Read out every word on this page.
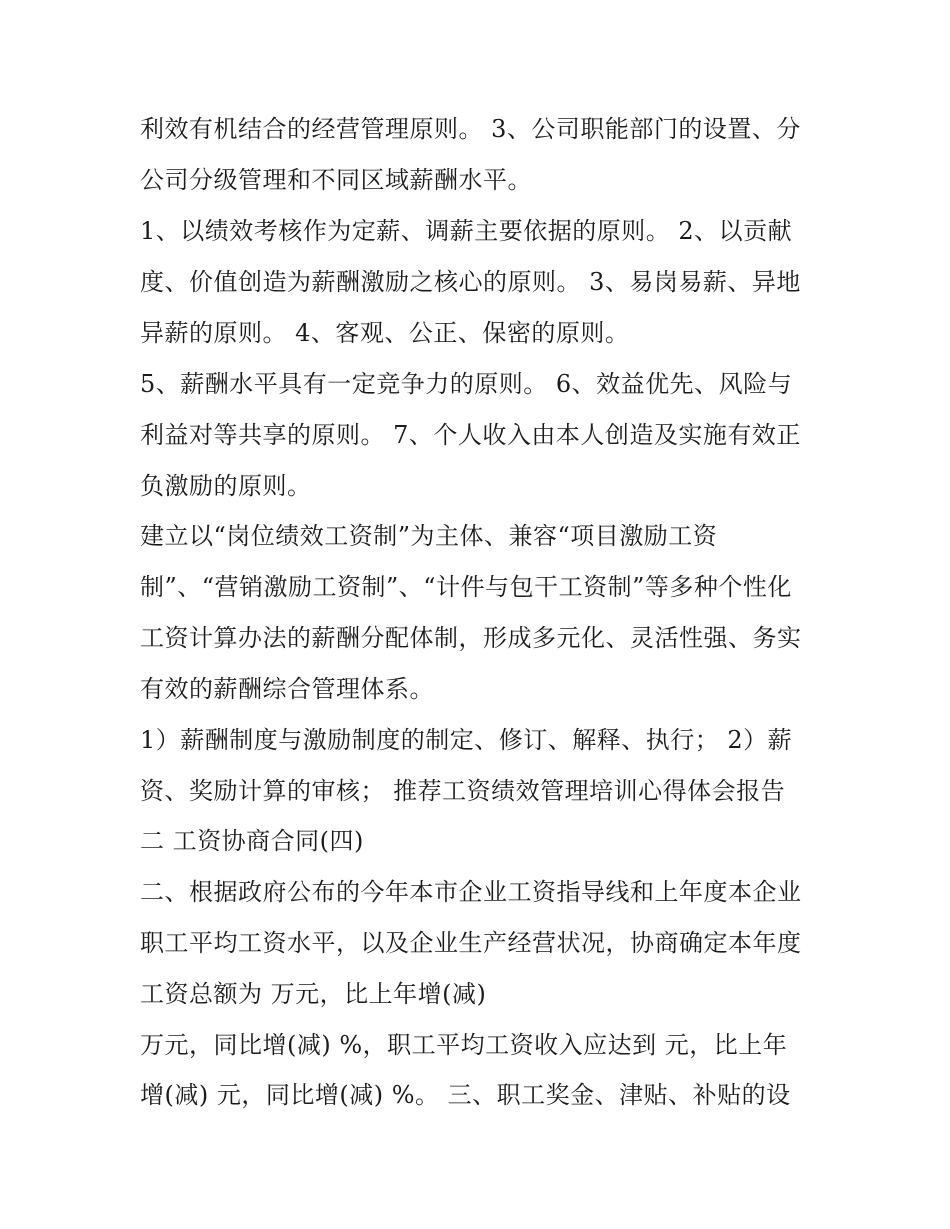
利效有机结合的经营管理原则。 3、公司职能部门的设置、分
公司分级管理和不同区域薪酬水平。
1、以绩效考核作为定薪、调薪主要依据的原则。 2、以贡献
度、价值创造为薪酬激励之核心的原则。 3、易岗易薪、异地
异薪的原则。 4、客观、公正、保密的原则。
5、薪酬水平具有一定竞争力的原则。 6、效益优先、风险与
利益对等共享的原则。 7、个人收入由本人创造及实施有效正
负激励的原则。
建立以“岗位绩效工资制”为主体、兼容“项目激励工资
制”、“营销激励工资制”、“计件与包干工资制”等多种个性化
工资计算办法的薪酬分配体制，形成多元化、灵活性强、务实
有效的薪酬综合管理体系。
1）薪酬制度与激励制度的制定、修订、解释、执行； 2）薪
资、奖励计算的审核； 推荐工资绩效管理培训心得体会报告
二 工资协商合同(四)
二、根据政府公布的今年本市企业工资指导线和上年度本企业
职工平均工资水平，以及企业生产经营状况，协商确定本年度
工资总额为 万元，比上年增(减)
万元，同比增(减) %，职工平均工资收入应达到 元，比上年
增(减) 元，同比增(减) %。 三、职工奖金、津贴、补贴的设
